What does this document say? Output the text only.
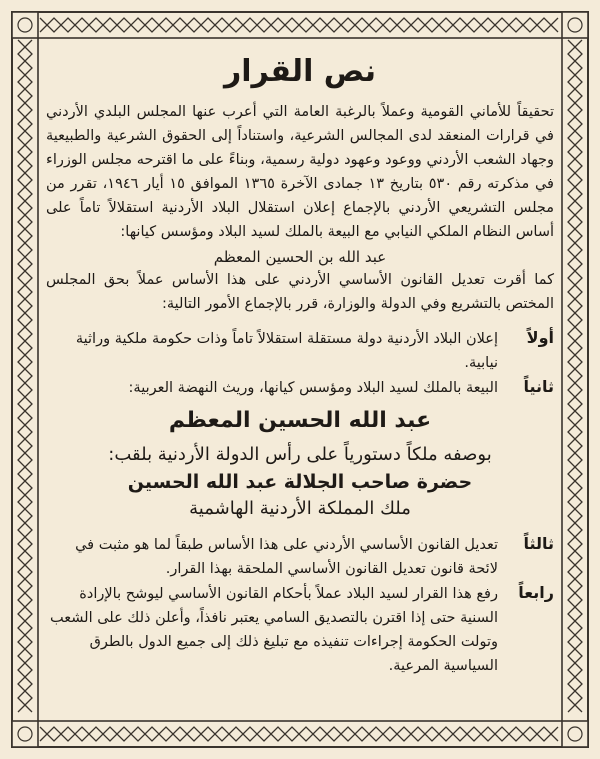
نص القرار

تحقيقاً للأماني القومية وعملاً بالرغبة العامة التي أعرب عنها المجلس البلدي الأردني في قرارات المنعقد لدى المجالس الشرعية، واستناداً إلى الحقوق الشرعية والطبيعية وجهاد الشعب الأردني ووعود وعهود دولية رسمية، وبناءً على ما اقترحه مجلس الوزراء في مذكرته رقم ٥٣٠ بتاريخ ١٣ جمادى الآخرة ١٣٦٥ الموافق ١٥ أيار ١٩٤٦، تقرر من مجلس التشريعي الأردني بالإجماع إعلان استقلال البلاد الأردنية استقلالاً تاماً على أساس النظام الملكي النيابي مع البيعة بالملك لسيد البلاد ومؤسس كيانها:

عبد الله بن الحسين المعظم

كما أقرت تعديل القانون الأساسي الأردني على هذا الأساس عملاً بحق المجلس المختص بالتشريع وفي الدولة والوزارة، قرر بالإجماع الأمور التالية:

أولاً
إعلان البلاد الأردنية دولة مستقلة استقلالاً تاماً وذات حكومة ملكية وراثية نيابية.
ثانياً
البيعة بالملك لسيد البلاد ومؤسس كيانها، وريث النهضة العربية:
عبد الله الحسين المعظم
بوصفه ملكاً دستورياً على رأس الدولة الأردنية بلقب:
حضرة صاحب الجلالة عبد الله الحسين
ملك المملكة الأردنية الهاشمية
ثالثاً
تعديل القانون الأساسي الأردني على هذا الأساس طبقاً لما هو مثبت في لائحة قانون تعديل القانون الأساسي الملحقة بهذا القرار.
رابعاً
رفع هذا القرار لسيد البلاد عملاً بأحكام القانون الأساسي ليوشح بالإرادة السنية حتى إذا اقترن بالتصديق السامي يعتبر نافذاً، وأعلن ذلك على الشعب وتولت الحكومة إجراءات تنفيذه مع تبليغ ذلك إلى جميع الدول بالطرق السياسية المرعية.
